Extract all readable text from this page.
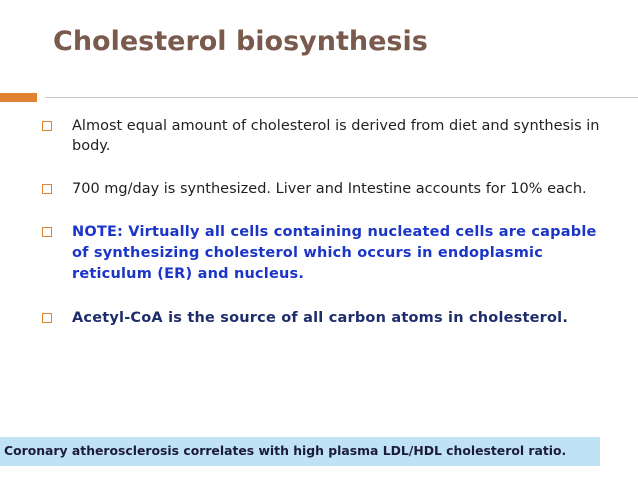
Cholesterol biosynthesis
Almost equal amount of cholesterol is derived from diet and synthesis in body.
700 mg/day is synthesized. Liver and Intestine accounts for 10% each.
NOTE: Virtually all cells containing nucleated cells are capable of synthesizing cholesterol which occurs in endoplasmic reticulum (ER) and nucleus.
Acetyl-CoA is the source of all carbon atoms in cholesterol.
Coronary atherosclerosis correlates with high plasma LDL/HDL cholesterol ratio.
